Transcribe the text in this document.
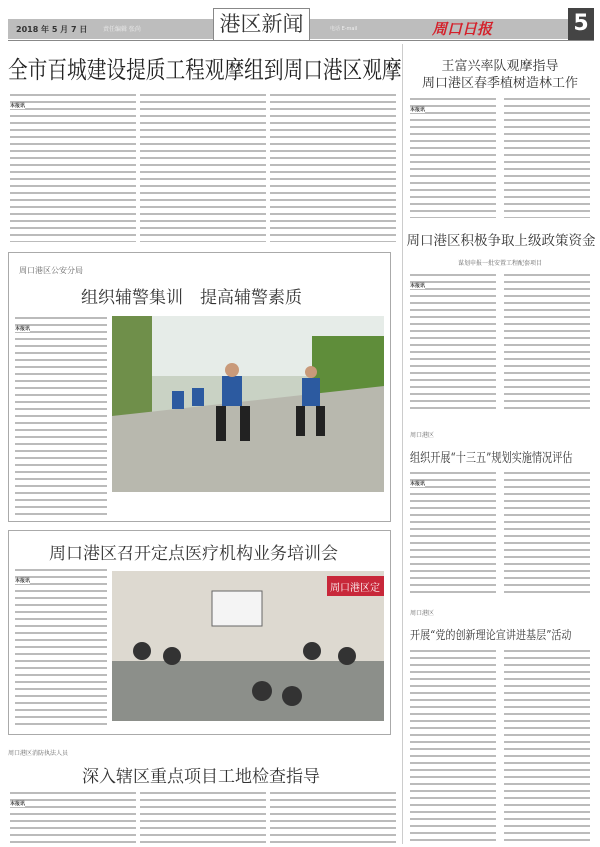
2018 年 5 月 7 日	责任编辑 张尚	电话 E-mail
港区新闻	周口日报	5
全市百城建设提质工程观摩组到周口港区观摩
本报讯
周口港区公安分局
组织辅警集训　提高辅警素质
本报讯
周口港区召开定点医疗机构业务培训会
本报讯
周口港区定
周口港区消防执法人员
深入辖区重点项目工地检查指导
本报讯
王富兴率队观摩指导
周口港区春季植树造林工作
本报讯
周口港区积极争取上级政策资金
谋划申报一批安置工程配套项目
本报讯
周口港区
组织开展“十三五”规划实施情况评估
本报讯
周口港区
开展“党的创新理论宣讲进基层”活动
